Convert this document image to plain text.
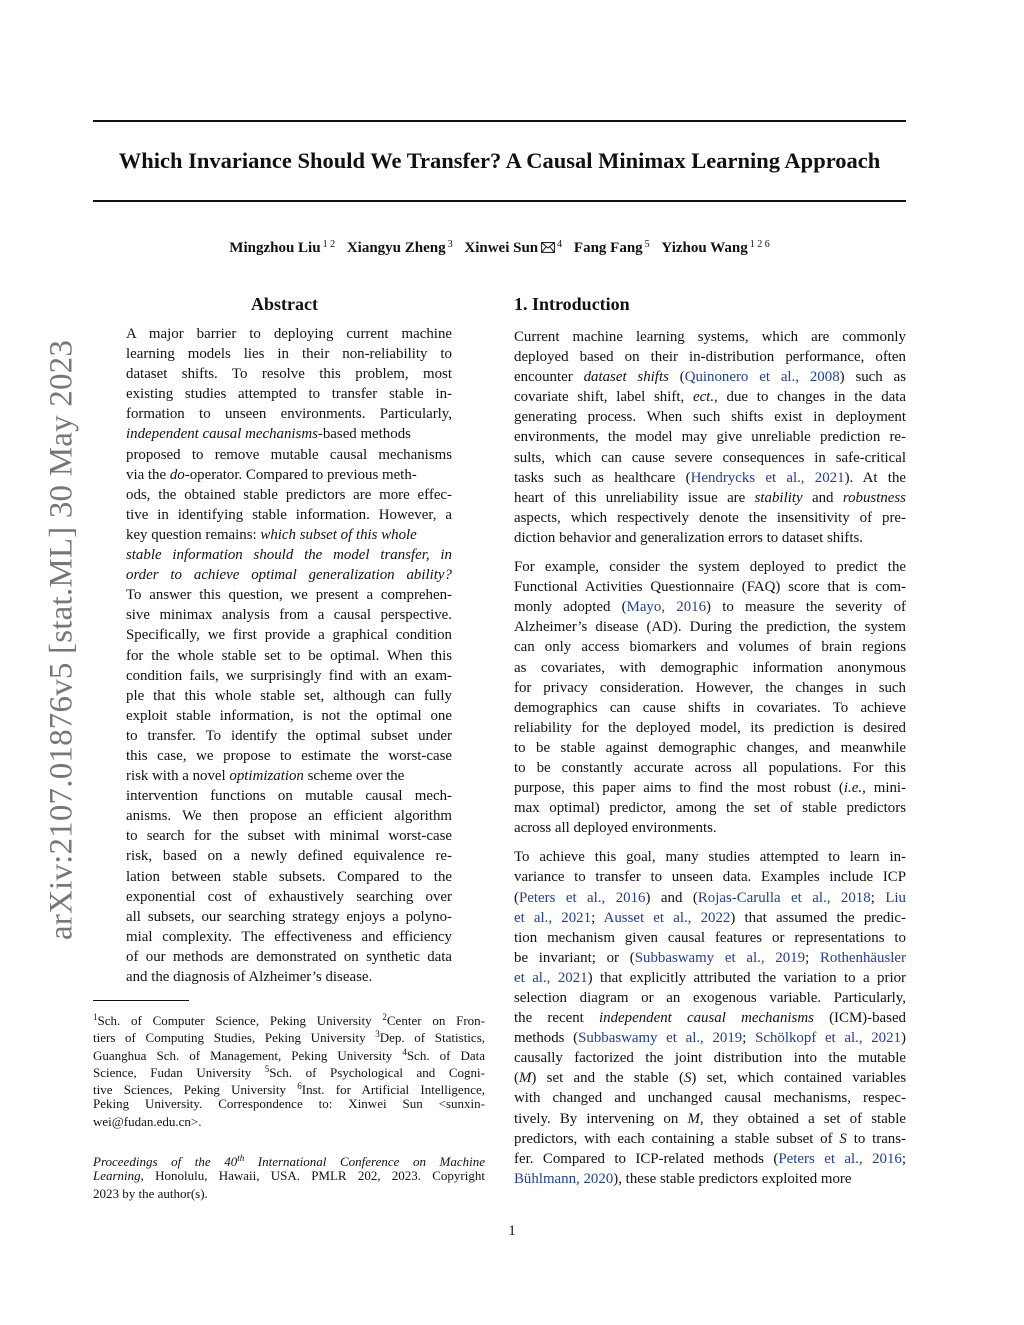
Which Invariance Should We Transfer? A Causal Minimax Learning Approach
Mingzhou Liu $^{1 2}$ Xiangyu Zheng $^3$ Xinwei Sun $^4$ Fang Fang $^5$ Yizhou Wang $^{1 2 6}$
arXiv:2107.01876v5 [stat.ML] 30 May 2023
Abstract
A major barrier to deploying current machine
learning models lies in their non-reliability to
dataset shifts. To resolve this problem, most
existing studies attempted to transfer stable in-
formation to unseen environments. Particularly,
independent causal mechanisms-based methods
proposed to remove mutable causal mechanisms
via the do-operator. Compared to previous meth-
ods, the obtained stable predictors are more effec-
tive in identifying stable information. However, a
key question remains: which subset of this whole
stable information should the model transfer, in
order to achieve optimal generalization ability?
To answer this question, we present a comprehen-
sive minimax analysis from a causal perspective.
Specifically, we first provide a graphical condition
for the whole stable set to be optimal. When this
condition fails, we surprisingly find with an exam-
ple that this whole stable set, although can fully
exploit stable information, is not the optimal one
to transfer. To identify the optimal subset under
this case, we propose to estimate the worst-case
risk with a novel optimization scheme over the
intervention functions on mutable causal mech-
anisms. We then propose an efficient algorithm
to search for the subset with minimal worst-case
risk, based on a newly defined equivalence re-
lation between stable subsets. Compared to the
exponential cost of exhaustively searching over
all subsets, our searching strategy enjoys a polyno-
mial complexity. The effectiveness and efficiency
of our methods are demonstrated on synthetic data
and the diagnosis of Alzheimer’s disease.
$^1$Sch. of Computer Science, Peking University $^2$Center on Fron-
tiers of Computing Studies, Peking University $^3$Dep. of Statistics,
Guanghua Sch. of Management, Peking University $^4$Sch. of Data
Science, Fudan University $^5$Sch. of Psychological and Cogni-
tive Sciences, Peking University $^6$Inst. for Artificial Intelligence,
Peking University. Correspondence to: Xinwei Sun <sunxin-
wei@fudan.edu.cn>.
Proceedings of the 40th International Conference on Machine
Learning, Honolulu, Hawaii, USA. PMLR 202, 2023. Copyright
2023 by the author(s).
1. Introduction
Current machine learning systems, which are commonly
deployed based on their in-distribution performance, often
encounter dataset shifts (Quinonero et al., 2008) such as
covariate shift, label shift, ect., due to changes in the data
generating process. When such shifts exist in deployment
environments, the model may give unreliable prediction re-
sults, which can cause severe consequences in safe-critical
tasks such as healthcare (Hendrycks et al., 2021). At the
heart of this unreliability issue are stability and robustness
aspects, which respectively denote the insensitivity of pre-
diction behavior and generalization errors to dataset shifts.
For example, consider the system deployed to predict the
Functional Activities Questionnaire (FAQ) score that is com-
monly adopted (Mayo, 2016) to measure the severity of
Alzheimer’s disease (AD). During the prediction, the system
can only access biomarkers and volumes of brain regions
as covariates, with demographic information anonymous
for privacy consideration. However, the changes in such
demographics can cause shifts in covariates. To achieve
reliability for the deployed model, its prediction is desired
to be stable against demographic changes, and meanwhile
to be constantly accurate across all populations. For this
purpose, this paper aims to find the most robust (i.e., mini-
max optimal) predictor, among the set of stable predictors
across all deployed environments.
To achieve this goal, many studies attempted to learn in-
variance to transfer to unseen data. Examples include ICP
(Peters et al., 2016) and (Rojas-Carulla et al., 2018; Liu
et al., 2021; Ausset et al., 2022) that assumed the predic-
tion mechanism given causal features or representations to
be invariant; or (Subbaswamy et al., 2019; Rothenhäusler
et al., 2021) that explicitly attributed the variation to a prior
selection diagram or an exogenous variable. Particularly,
the recent independent causal mechanisms (ICM)-based
methods (Subbaswamy et al., 2019; Schölkopf et al., 2021)
causally factorized the joint distribution into the mutable
(M) set and the stable (S) set, which contained variables
with changed and unchanged causal mechanisms, respec-
tively. By intervening on M, they obtained a set of stable
predictors, with each containing a stable subset of S to trans-
fer. Compared to ICP-related methods (Peters et al., 2016;
Bühlmann, 2020), these stable predictors exploited more
1
